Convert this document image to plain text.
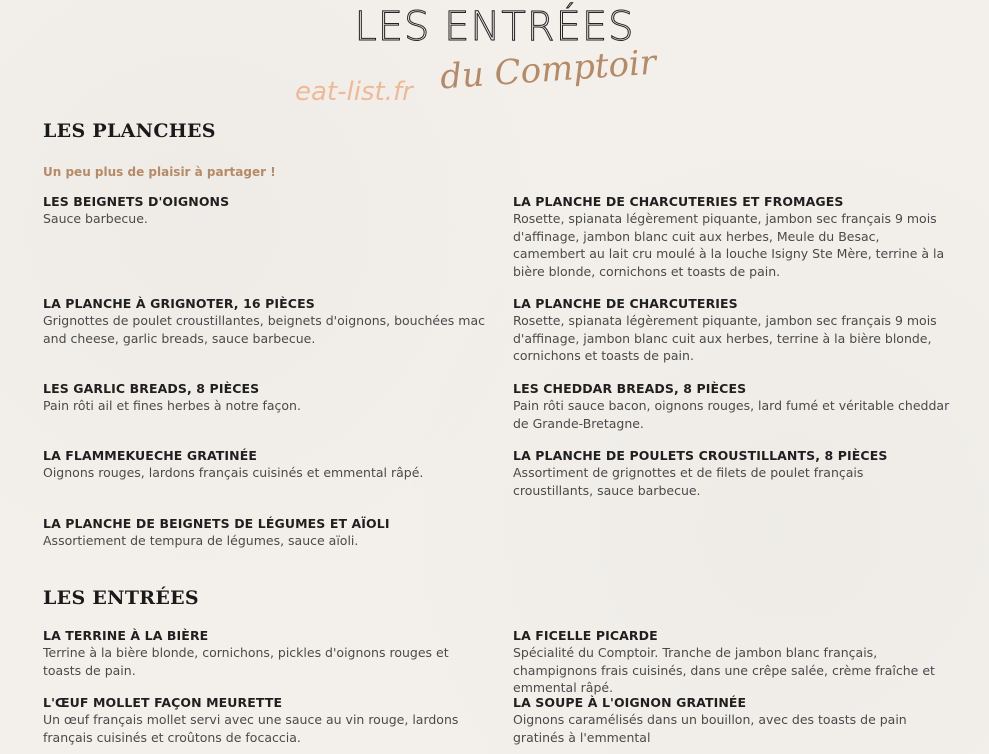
LES ENTRÉES
du Comptoir
eat-list.fr
LES PLANCHES
Un peu plus de plaisir à partager !
LES BEIGNETS D'OIGNONS
Sauce barbecue.
LA PLANCHE DE CHARCUTERIES ET FROMAGES
Rosette, spianata légèrement piquante, jambon sec français 9 mois d'affinage, jambon blanc cuit aux herbes, Meule du Besac, camembert au lait cru moulé à la louche Isigny Ste Mère, terrine à la bière blonde, cornichons et toasts de pain.
LA PLANCHE À GRIGNOTER, 16 PIÈCES
Grignottes de poulet croustillantes, beignets d'oignons, bouchées mac and cheese, garlic breads, sauce barbecue.
LA PLANCHE DE CHARCUTERIES
Rosette, spianata légèrement piquante, jambon sec français 9 mois d'affinage, jambon blanc cuit aux herbes, terrine à la bière blonde, cornichons et toasts de pain.
LES GARLIC BREADS, 8 PIÈCES
Pain rôti ail et fines herbes à notre façon.
LES CHEDDAR BREADS, 8 PIÈCES
Pain rôti sauce bacon, oignons rouges, lard fumé et véritable cheddar de Grande-Bretagne.
LA FLAMMEKUECHE GRATINÉE
Oignons rouges, lardons français cuisinés et emmental râpé.
LA PLANCHE DE POULETS CROUSTILLANTS, 8 PIÈCES
Assortiment de grignottes et de filets de poulet français croustillants, sauce barbecue.
LA PLANCHE DE BEIGNETS DE LÉGUMES ET AÏOLI
Assortiement de tempura de légumes, sauce aïoli.
LES ENTRÉES
LA TERRINE À LA BIÈRE
Terrine à la bière blonde, cornichons, pickles d'oignons rouges et toasts de pain.
LA FICELLE PICARDE
Spécialité du Comptoir. Tranche de jambon blanc français, champignons frais cuisinés, dans une crêpe salée, crème fraîche et emmental râpé.
L'ŒUF MOLLET FAÇON MEURETTE
Un œuf français mollet servi avec une sauce au vin rouge, lardons français cuisinés et croûtons de focaccia.
LA SOUPE À L'OIGNON GRATINÉE
Oignons caramélisés dans un bouillon, avec des toasts de pain gratinés à l'emmental
